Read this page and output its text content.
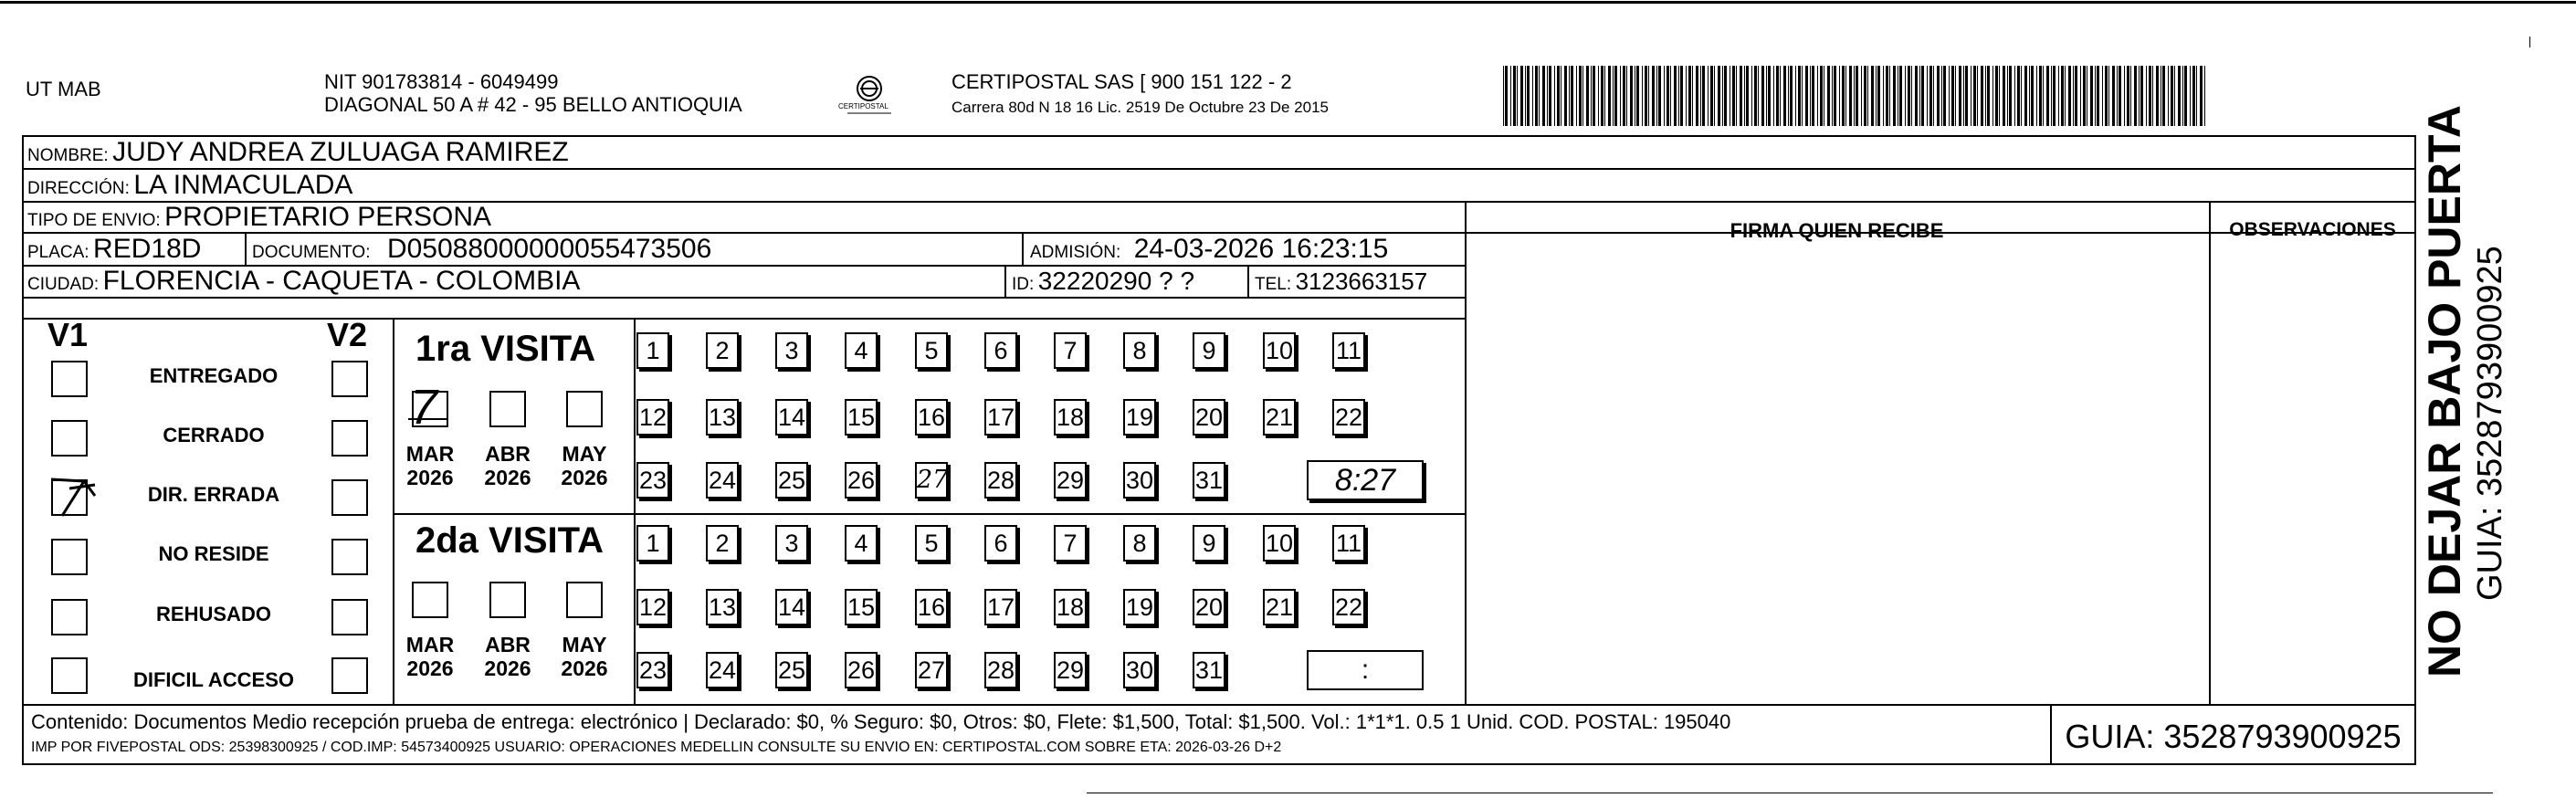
UT MAB	NIT 901783814 - 6049499
DIAGONAL 50 A # 42 - 95 BELLO ANTIOQUIA	CERTIPOSTAL
CERTIPOSTAL SAS [ 900 151 122 - 2
Carrera 80d N 18 16 Lic. 2519 De Octubre 23 De 2015
NOMBRE: JUDY ANDREA ZULUAGA RAMIREZ
DIRECCIÓN: LA INMACULADA
TIPO DE ENVIO: PROPIETARIO PERSONA
PLACA: RED18D	DOCUMENTO: D05088000000055473506	ADMISIÓN: 24-03-2026 16:23:15
CIUDAD: FLORENCIA - CAQUETA - COLOMBIA	ID: 32220290 ? ?	TEL: 3123663157
FIRMA QUIEN RECIBE	OBSERVACIONES
V1	V2
ENTREGADO
CERRADO
DIR. ERRADA
NO RESIDE
REHUSADO
DIFICIL ACCESO
1ra VISITA
7
MAR
2026
ABR
2026
MAY
2026
1	2	3	4	5	6	7	8	9	10 11
12 13 14 15 16 17 18 19 20 21 22
23 24 25 26 27 28 29 30 31	8:27
2da VISITA
MAR
2026
ABR
2026
MAY
2026
1	2	3	4	5	6	7	8	9	10 11
12 13 14 15 16 17 18 19 20 21 22
23 24 25 26 27 28 29 30 31	:
Contenido: Documentos Medio recepción prueba de entrega: electrónico | Declarado: $0, % Seguro: $0, Otros: $0, Flete: $1,500, Total: $1,500. Vol.: 1*1*1. 0.5 1 Unid. COD. POSTAL: 195040
IMP POR FIVEPOSTAL ODS: 25398300925 / COD.IMP: 54573400925 USUARIO: OPERACIONES MEDELLIN CONSULTE SU ENVIO EN: CERTIPOSTAL.COM SOBRE ETA: 2026-03-26 D+2	GUIA: 3528793900925
NO DEJAR BAJO PUERTA GUIA: 3528793900925
